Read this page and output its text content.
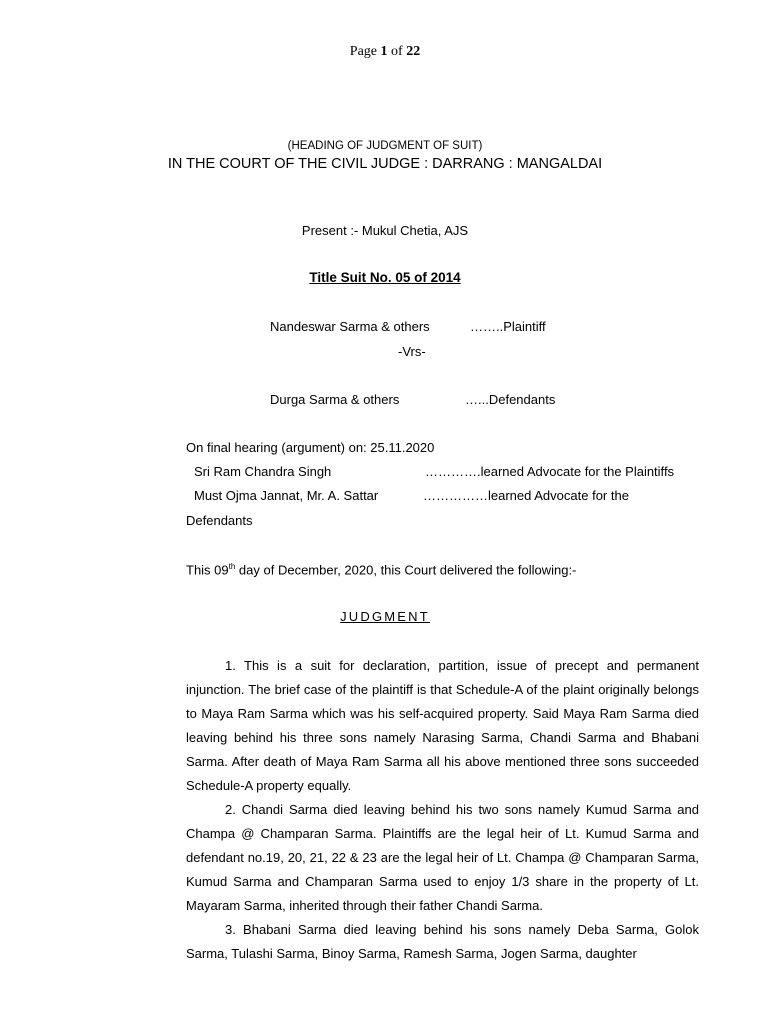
Page 1 of 22
(HEADING OF JUDGMENT OF SUIT)
IN THE COURT OF THE CIVIL JUDGE : DARRANG : MANGALDAI
Present :- Mukul Chetia, AJS
Title Suit No. 05 of 2014
Nandeswar Sarma & others	……..Plaintiff
-Vrs-
Durga Sarma & others	…...Defendants
On final hearing (argument) on: 25.11.2020
Sri Ram Chandra Singh	………….learned Advocate for the Plaintiffs
Must Ojma Jannat, Mr. A. Sattar	……………learned Advocate for the
Defendants
This 09th day of December, 2020, this Court delivered the following:-
JUDGMENT

1. This is a suit for declaration, partition, issue of precept and permanent injunction. The brief case of the plaintiff is that Schedule-A of the plaint originally belongs to Maya Ram Sarma which was his self-acquired property. Said Maya Ram Sarma died leaving behind his three sons namely Narasing Sarma, Chandi Sarma and Bhabani Sarma. After death of Maya Ram Sarma all his above mentioned three sons succeeded Schedule-A property equally.

2. Chandi Sarma died leaving behind his two sons namely Kumud Sarma and Champa @ Champaran Sarma. Plaintiffs are the legal heir of Lt. Kumud Sarma and defendant no.19, 20, 21, 22 & 23 are the legal heir of Lt. Champa @ Champaran Sarma, Kumud Sarma and Champaran Sarma used to enjoy 1/3 share in the property of Lt. Mayaram Sarma, inherited through their father Chandi Sarma.

3. Bhabani Sarma died leaving behind his sons namely Deba Sarma, Golok Sarma, Tulashi Sarma, Binoy Sarma, Ramesh Sarma, Jogen Sarma, daughter
